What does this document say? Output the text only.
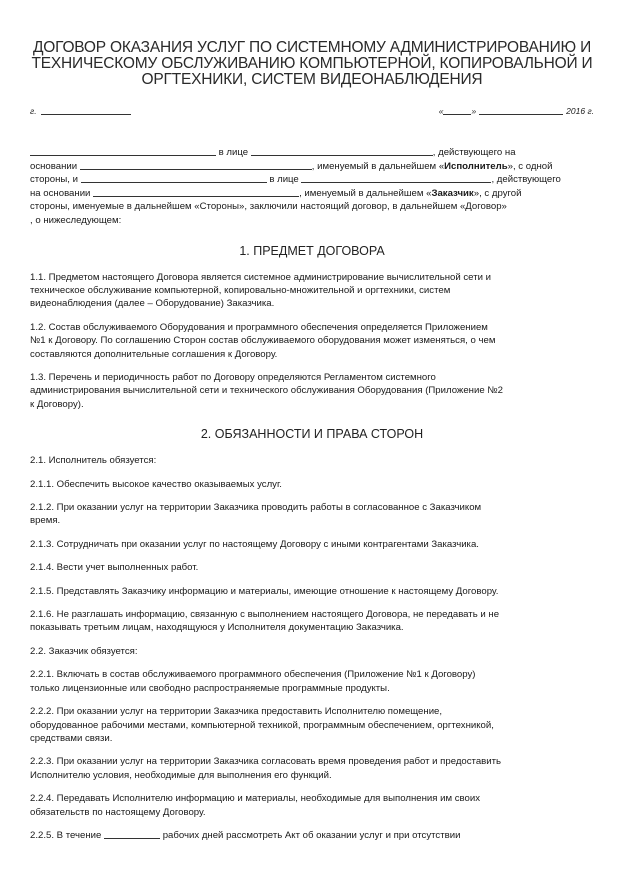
ДОГОВОР ОКАЗАНИЯ УСЛУГ ПО СИСТЕМНОМУ АДМИНИСТРИРОВАНИЮ И
ТЕХНИЧЕСКОМУ ОБСЛУЖИВАНИЮ КОМПЬЮТЕРНОЙ, КОПИРОВАЛЬНОЙ И
ОРГТЕХНИКИ, СИСТЕМ ВИДЕОНАБЛЮДЕНИЯ
г.	«	»	2016 г.
в лице	, действующего на
основании	, именуемый в дальнейшем «Исполнитель», с одной
стороны, и	в лице	, действующего
на основании	, именуемый в дальнейшем «Заказчик», с другой
стороны, именуемые в дальнейшем «Стороны», заключили настоящий договор, в дальнейшем «Договор»
, о нижеследующем:
1. ПРЕДМЕТ ДОГОВОРА

1.1. Предметом настоящего Договора является системное администрирование вычислительной сети и
техническое обслуживание компьютерной, копировально-множительной и оргтехники, систем
видеонаблюдения (далее – Оборудование) Заказчика.

1.2. Состав обслуживаемого Оборудования и программного обеспечения определяется Приложением
№1 к Договору. По соглашению Сторон состав обслуживаемого оборудования может изменяться, о чем
составляются дополнительные соглашения к Договору.

1.3. Перечень и периодичность работ по Договору определяются Регламентом системного
администрирования вычислительной сети и технического обслуживания Оборудования (Приложение №2
к Договору).

2. ОБЯЗАННОСТИ И ПРАВА СТОРОН

2.1. Исполнитель обязуется:

2.1.1. Обеспечить высокое качество оказываемых услуг.

2.1.2. При оказании услуг на территории Заказчика проводить работы в согласованное с Заказчиком
время.

2.1.3. Сотрудничать при оказании услуг по настоящему Договору с иными контрагентами Заказчика.

2.1.4. Вести учет выполненных работ.

2.1.5. Представлять Заказчику информацию и материалы, имеющие отношение к настоящему Договору.

2.1.6. Не разглашать информацию, связанную с выполнением настоящего Договора, не передавать и не
показывать третьим лицам, находящуюся у Исполнителя документацию Заказчика.

2.2. Заказчик обязуется:

2.2.1. Включать в состав обслуживаемого программного обеспечения (Приложение №1 к Договору)
только лицензионные или свободно распространяемые программные продукты.

2.2.2. При оказании услуг на территории Заказчика предоставить Исполнителю помещение,
оборудованное рабочими местами, компьютерной техникой, программным обеспечением, оргтехникой,
средствами связи.

2.2.3. При оказании услуг на территории Заказчика согласовать время проведения работ и предоставить
Исполнителю условия, необходимые для выполнения его функций.

2.2.4. Передавать Исполнителю информацию и материалы, необходимые для выполнения им своих
обязательств по настоящему Договору.

2.2.5. В течение	рабочих дней рассмотреть Акт об оказании услуг и при отсутствии
